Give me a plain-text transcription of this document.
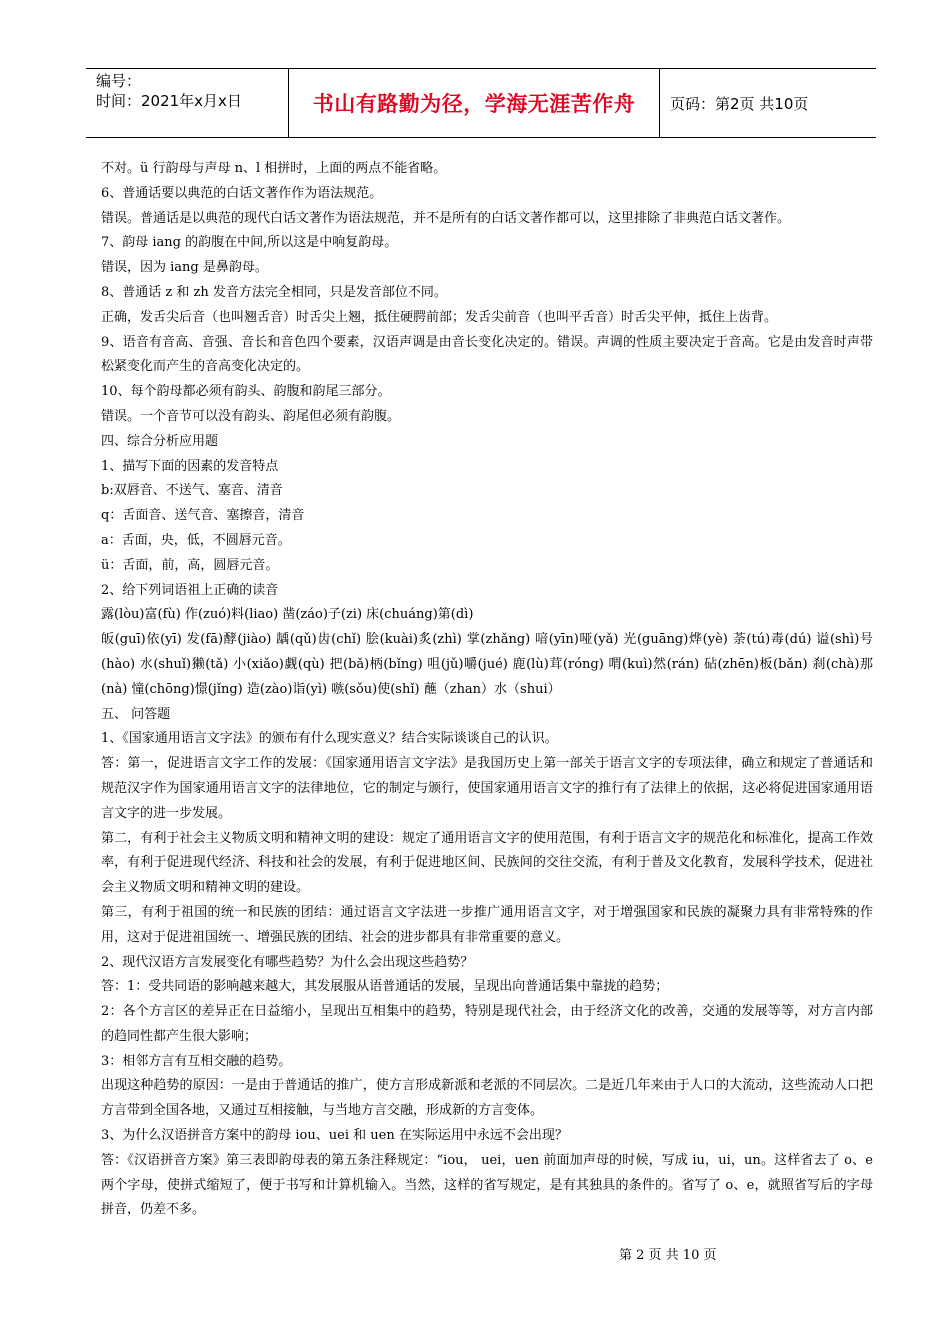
编号：
时间：2021年x月x日	书山有路勤为径，学海无涯苦作舟 页码：第2页 共10页

不对。ü 行韵母与声母 n、l 相拼时，上面的两点不能省略。

6、普通话要以典范的白话文著作作为语法规范。

错误。普通话是以典范的现代白话文著作为语法规范，并不是所有的白话文著作都可以，这里排除了非典范白话文著作。

7、韵母 iang 的韵腹在中间,所以这是中响复韵母。

错误，因为 iang 是鼻韵母。

8、普通话 z 和 zh 发音方法完全相同，只是发音部位不同。

正确，发舌尖后音（也叫翘舌音）时舌尖上翘，抵住硬腭前部；发舌尖前音（也叫平舌音）时舌尖平伸，抵住上齿背。

9、语音有音高、音强、音长和音色四个要素，汉语声调是由音长变化决定的。错误。声调的性质主要决定于音高。它是由发音时声带松紧变化而产生的音高变化决定的。

10、每个韵母都必须有韵头、韵腹和韵尾三部分。

错误。一个音节可以没有韵头、韵尾但必须有韵腹。

四、综合分析应用题

1、描写下面的因素的发音特点

b:双唇音、不送气、塞音、清音

q：舌面音、送气音、塞擦音，清音

a：舌面，央，低，不圆唇元音。

ü：舌面，前，高，圆唇元音。

2、给下列词语祖上正确的读音

露(lòu)富(fù) 作(zuó)料(liao) 凿(záo)子(zi) 床(chuáng)第(dì)

皈(guī)依(yī) 发(fā)酵(jiào) 龋(qǔ)齿(chǐ) 脍(kuài)炙(zhì) 掌(zhǎng) 喑(yīn)哑(yǎ) 光(guāng)烨(yè) 荼(tú)毒(dú) 谥(shì)号(hào) 水(shuǐ)獭(tǎ) 小(xiǎo)觑(qù) 把(bǎ)柄(bǐng) 咀(jǔ)嚼(jué) 鹿(lù)茸(róng) 喟(kuì)然(rán) 砧(zhēn)板(bǎn) 刹(chà)那(nà) 憧(chōng)憬(jǐng) 造(zào)诣(yì) 嗾(sǒu)使(shǐ) 蘸（zhan）水（shui）

五、 问答题

1、《国家通用语言文字法》的颁布有什么现实意义？结合实际谈谈自己的认识。

答：第一，促进语言文字工作的发展：《国家通用语言文字法》是我国历史上第一部关于语言文字的专项法律，确立和规定了普通话和规范汉字作为国家通用语言文字的法律地位，它的制定与颁行，使国家通用语言文字的推行有了法律上的依据，这必将促进国家通用语言文字的进一步发展。

第二，有利于社会主义物质文明和精神文明的建设：规定了通用语言文字的使用范围，有利于语言文字的规范化和标准化，提高工作效率，有利于促进现代经济、科技和社会的发展，有利于促进地区间、民族间的交往交流，有利于普及文化教育，发展科学技术，促进社会主义物质文明和精神文明的建设。

第三，有利于祖国的统一和民族的团结：通过语言文字法进一步推广通用语言文字，对于增强国家和民族的凝聚力具有非常特殊的作用，这对于促进祖国统一、增强民族的团结、社会的进步都具有非常重要的意义。

2、现代汉语方言发展变化有哪些趋势？为什么会出现这些趋势？

答：1：受共同语的影响越来越大，其发展服从语普通话的发展，呈现出向普通话集中靠拢的趋势；

2：各个方言区的差异正在日益缩小，呈现出互相集中的趋势，特别是现代社会，由于经济文化的改善，交通的发展等等，对方言内部的趋同性都产生很大影响；

3：相邻方言有互相交融的趋势。

出现这种趋势的原因：一是由于普通话的推广，使方言形成新派和老派的不同层次。二是近几年来由于人口的大流动，这些流动人口把方言带到全国各地，又通过互相接触，与当地方言交融，形成新的方言变体。

3、为什么汉语拼音方案中的韵母 iou、uei 和 uen 在实际运用中永远不会出现？

答：《汉语拼音方案》第三表即韵母表的第五条注释规定：“iou， uei，uen 前面加声母的时候，写成 iu，ui，un。这样省去了 o、e 两个字母，使拼式缩短了，便于书写和计算机输入。当然，这样的省写规定，是有其独具的条件的。省写了 o、e，就照省写后的字母拼音，仍差不多。

第 2 页 共 10 页
